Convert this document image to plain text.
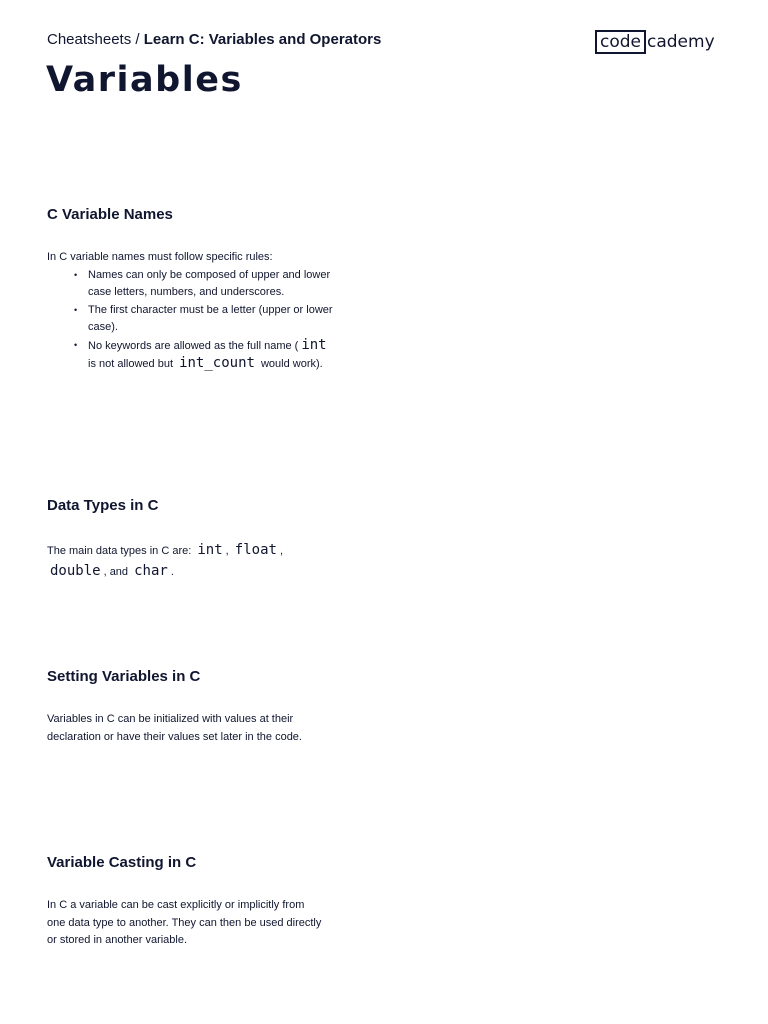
Cheatsheets / Learn C: Variables and Operators	code cademy
Variables
C Variable Names

In C variable names must follow specific rules:

• Names can only be composed of upper and lower case letters, numbers, and underscores.
• The first character must be a letter (upper or lower case).
• No keywords are allowed as the full name ( int is not allowed but int_count would work).
Data Types in C

The main data types in C are: int , float , double , and char .

Setting Variables in C

Variables in C can be initialized with values at their declaration or have their values set later in the code.

Variable Casting in C

In C a variable can be cast explicitly or implicitly from one data type to another. They can then be used directly or stored in another variable.
